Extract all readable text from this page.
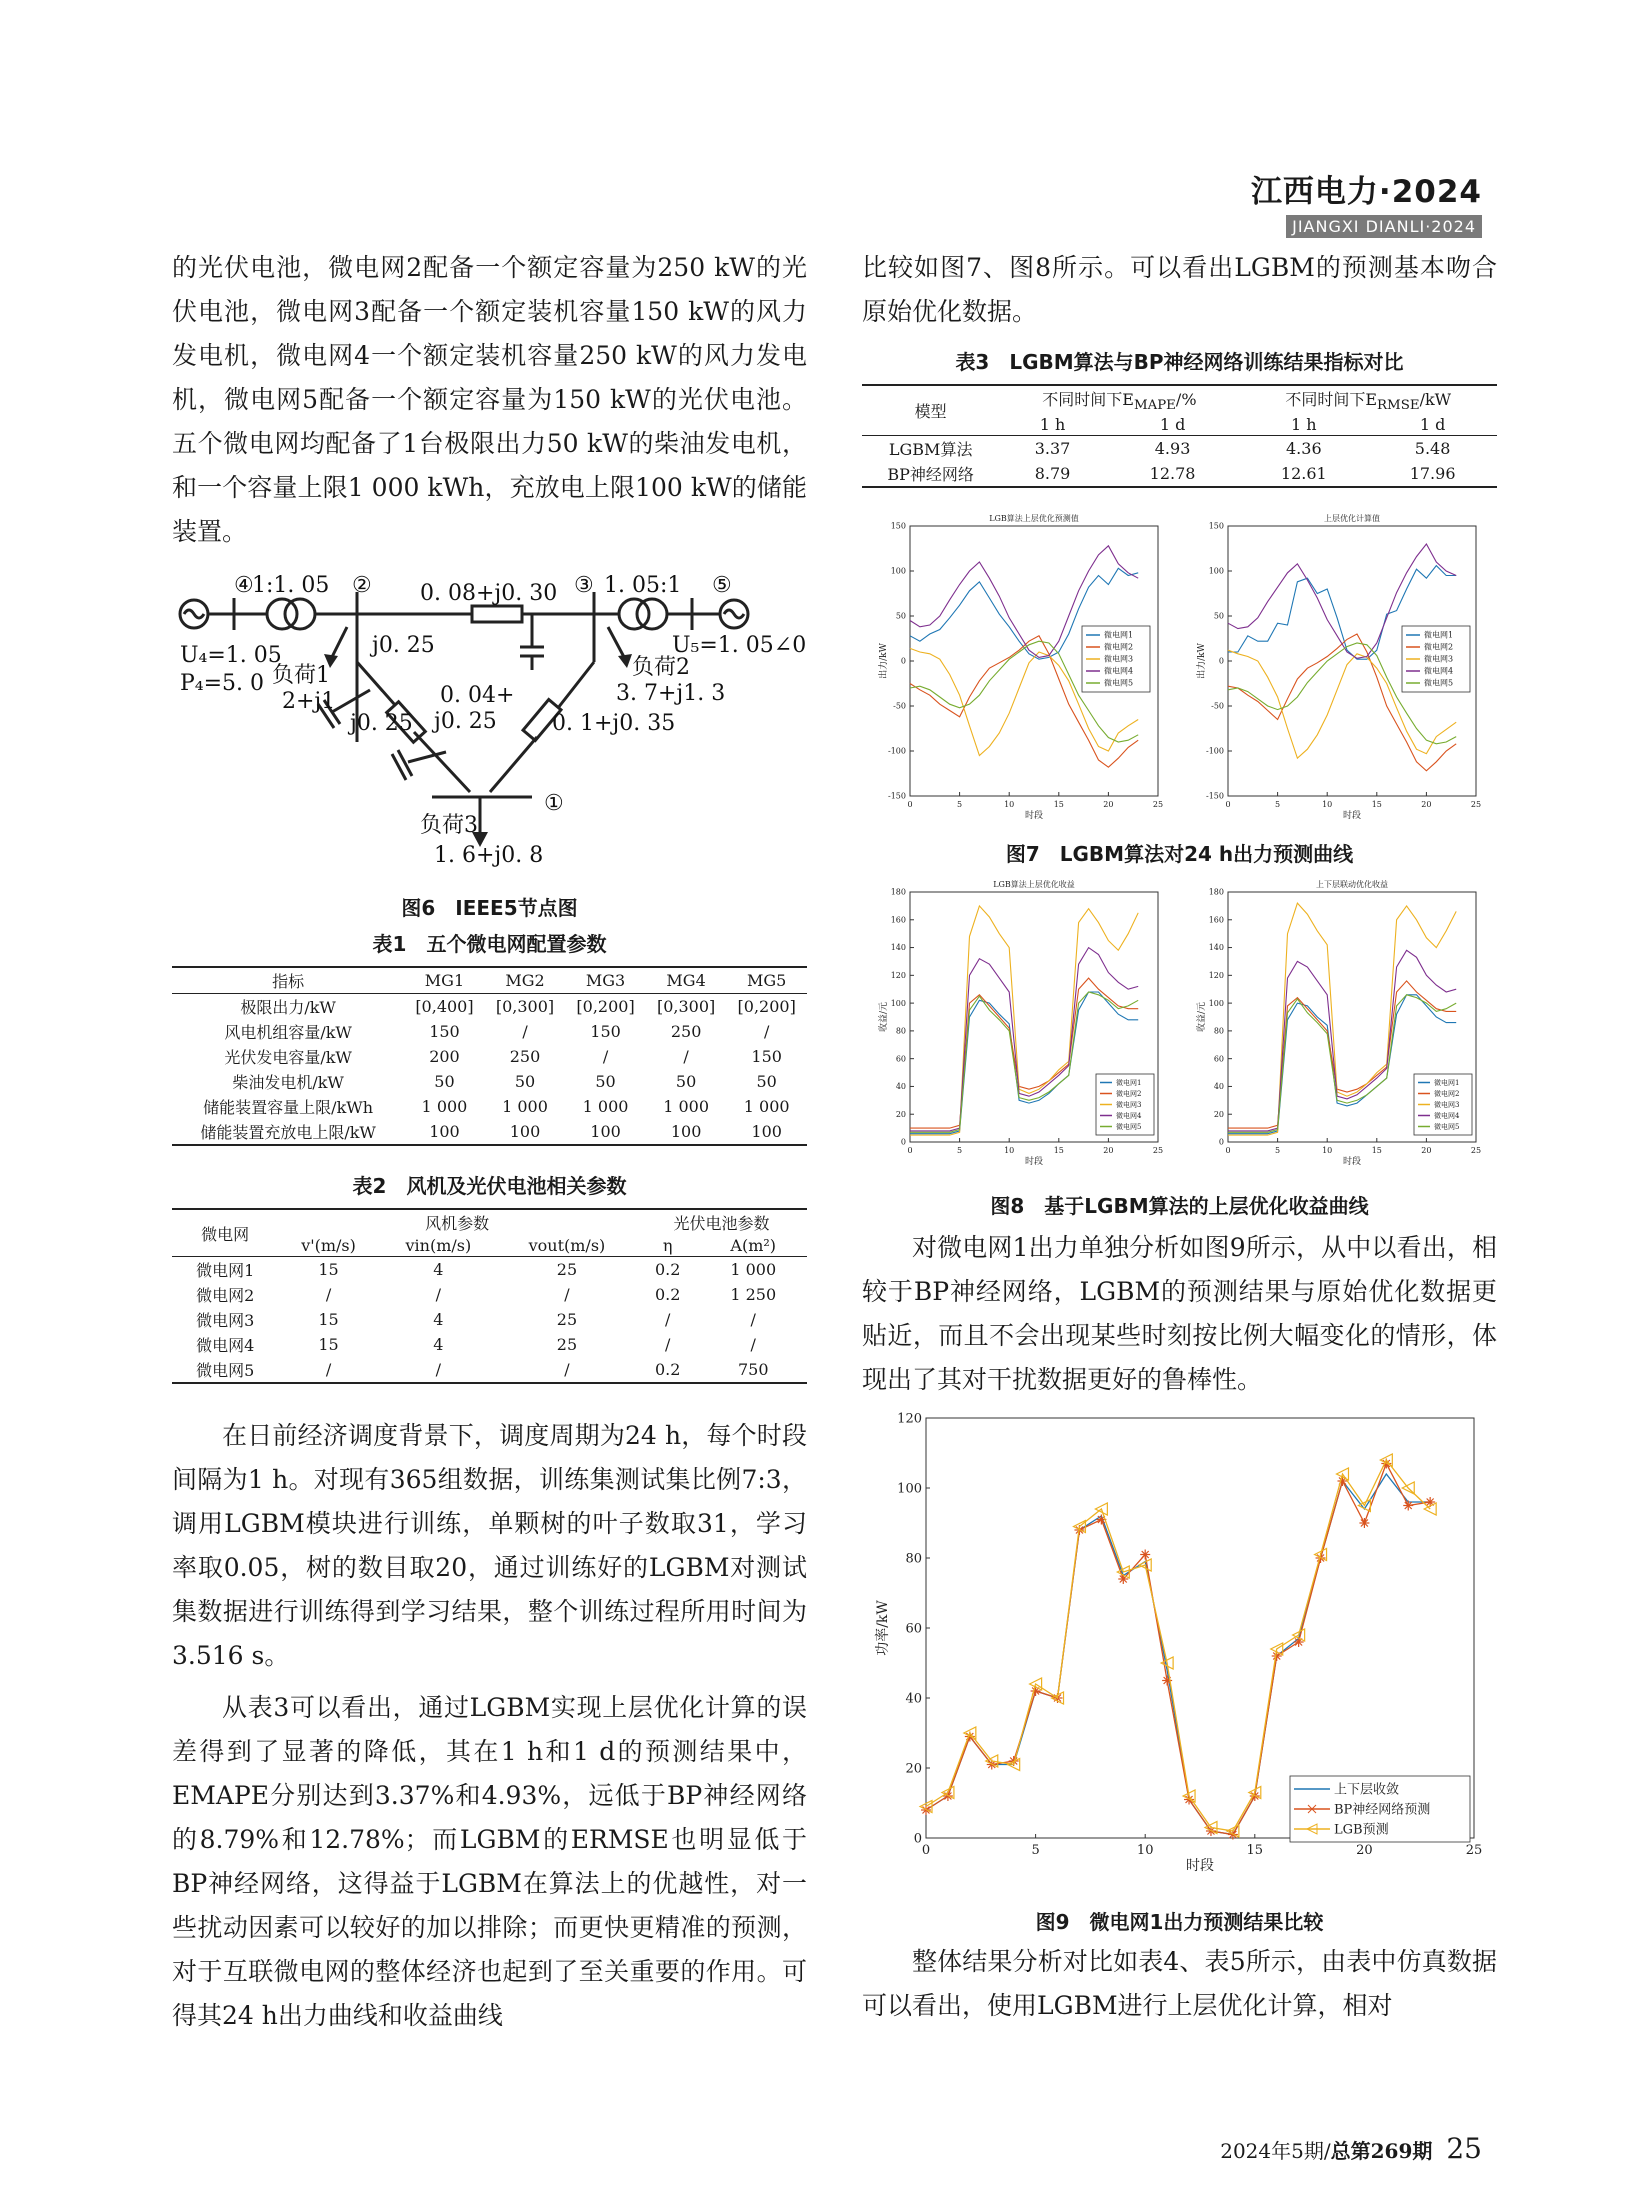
江西电力·2024
JIANGXI DIANLI·2024

的光伏电池，微电网2配备一个额定容量为250 kW的光伏电池，微电网3配备一个额定装机容量150 kW的风力发电机，微电网4一个额定装机容量250 kW的风力发电机，微电网5配备一个额定容量为150 kW的光伏电池。五个微电网均配备了1台极限出力50 kW的柴油发电机，和一个容量上限1 000 kWh，充放电上限100 kW的储能装置。

④
1:1. 05 ② 0. 08+j0. 30 ③ 1. 05:1 ⑤
U₄=1. 05
P₄=5. 0 负荷1
2+j1
j0. 25
0. 04+
j0. 25
j0. 25
负荷2
3. 7+j1. 3
U₅=1. 05∠0
0. 1+j0. 35
①
负荷3
1. 6+j0. 8
图6　IEEE5节点图
表1　五个微电网配置参数
指标	MG1	MG2	MG3	MG4	MG5
极限出力/kW	[0,400]	[0,300]	[0,200]	[0,300]	[0,200]
风电机组容量/kW	150	/	150	250	/
光伏发电容量/kW	200	250	/	/	150
柴油发电机/kW	50	50	50	50	50
储能装置容量上限/kWh	1 000	1 000	1 000	1 000	1 000
储能装置充放电上限/kW	100	100	100	100	100
表2　风机及光伏电池相关参数
微电网	风机参数			光伏电池参数	
	v'(m/s)	vin(m/s)	vout(m/s)	η	A(m²)
微电网1	15	4	25	0.2	1 000
微电网2	/	/	/	0.2	1 250
微电网3	15	4	25	/	/
微电网4	15	4	25	/	/
微电网5	/	/	/	0.2	750

在日前经济调度背景下，调度周期为24 h，每个时段间隔为1 h。对现有365组数据，训练集测试集比例7:3，调用LGBM模块进行训练，单颗树的叶子数取31，学习率取0.05，树的数目取20，通过训练好的LGBM对测试集数据进行训练得到学习结果，整个训练过程所用时间为3.516 s。

从表3可以看出，通过LGBM实现上层优化计算的误差得到了显著的降低，其在1 h和1 d的预测结果中，EMAPE分别达到3.37%和4.93%，远低于BP神经网络的8.79%和12.78%；而LGBM的ERMSE也明显低于BP神经网络，这得益于LGBM在算法上的优越性，对一些扰动因素可以较好的加以排除；而更快更精准的预测，对于互联微电网的整体经济也起到了至关重要的作用。可得其24 h出力曲线和收益曲线

比较如图7、图8所示。可以看出LGBM的预测基本吻合原始优化数据。

表3　LGBM算法与BP神经网络训练结果指标对比
模型	不同时间下$E_{MAPE}/\%$		不同时间下$E_{RMSE}/kW$	
	1 h	1 d	1 h	1 d
LGBM算法	3.37	4.93	4.36	5.48
BP神经网络	8.79	12.78	12.61	17.96
0	5	10	15	20	25
-150
-100
-50
0
50
100
150
LGB算法上层优化预测值
时段
出力/kW
微电网1
微电网2
微电网3
微电网4
微电网5
0	5	10	15	20	25
-150
-100
-50
0
50
100
150
上层优化计算值
时段
出力/kW
微电网1
微电网2
微电网3
微电网4
微电网5
图7　LGBM算法对24 h出力预测曲线
0	5	10	15	20	25
0
20
40
60
80
100
120
140
160
180
LGB算法上层优化收益
时段
收益/元
微电网1
微电网2
微电网3
微电网4
微电网5
0	5	10	15	20	25
0
20
40
60
80
100
120
140
160
180
上下层联动优化收益
时段
收益/元
微电网1
微电网2
微电网3
微电网4
微电网5
图8　基于LGBM算法的上层优化收益曲线

对微电网1出力单独分析如图9所示，从中以看出，相较于BP神经网络，LGBM的预测结果与原始优化数据更贴近，而且不会出现某些时刻按比例大幅变化的情形，体现出了其对干扰数据更好的鲁棒性。

0	5	10	15	20	25
0
20
40
60
80
100
120
时段
功率/kW
上下层收敛
BP神经网络预测
LGB预测
图9　微电网1出力预测结果比较

整体结果分析对比如表4、表5所示，由表中仿真数据可以看出，使用LGBM进行上层优化计算，相对

2024年5期/总第269期 25
